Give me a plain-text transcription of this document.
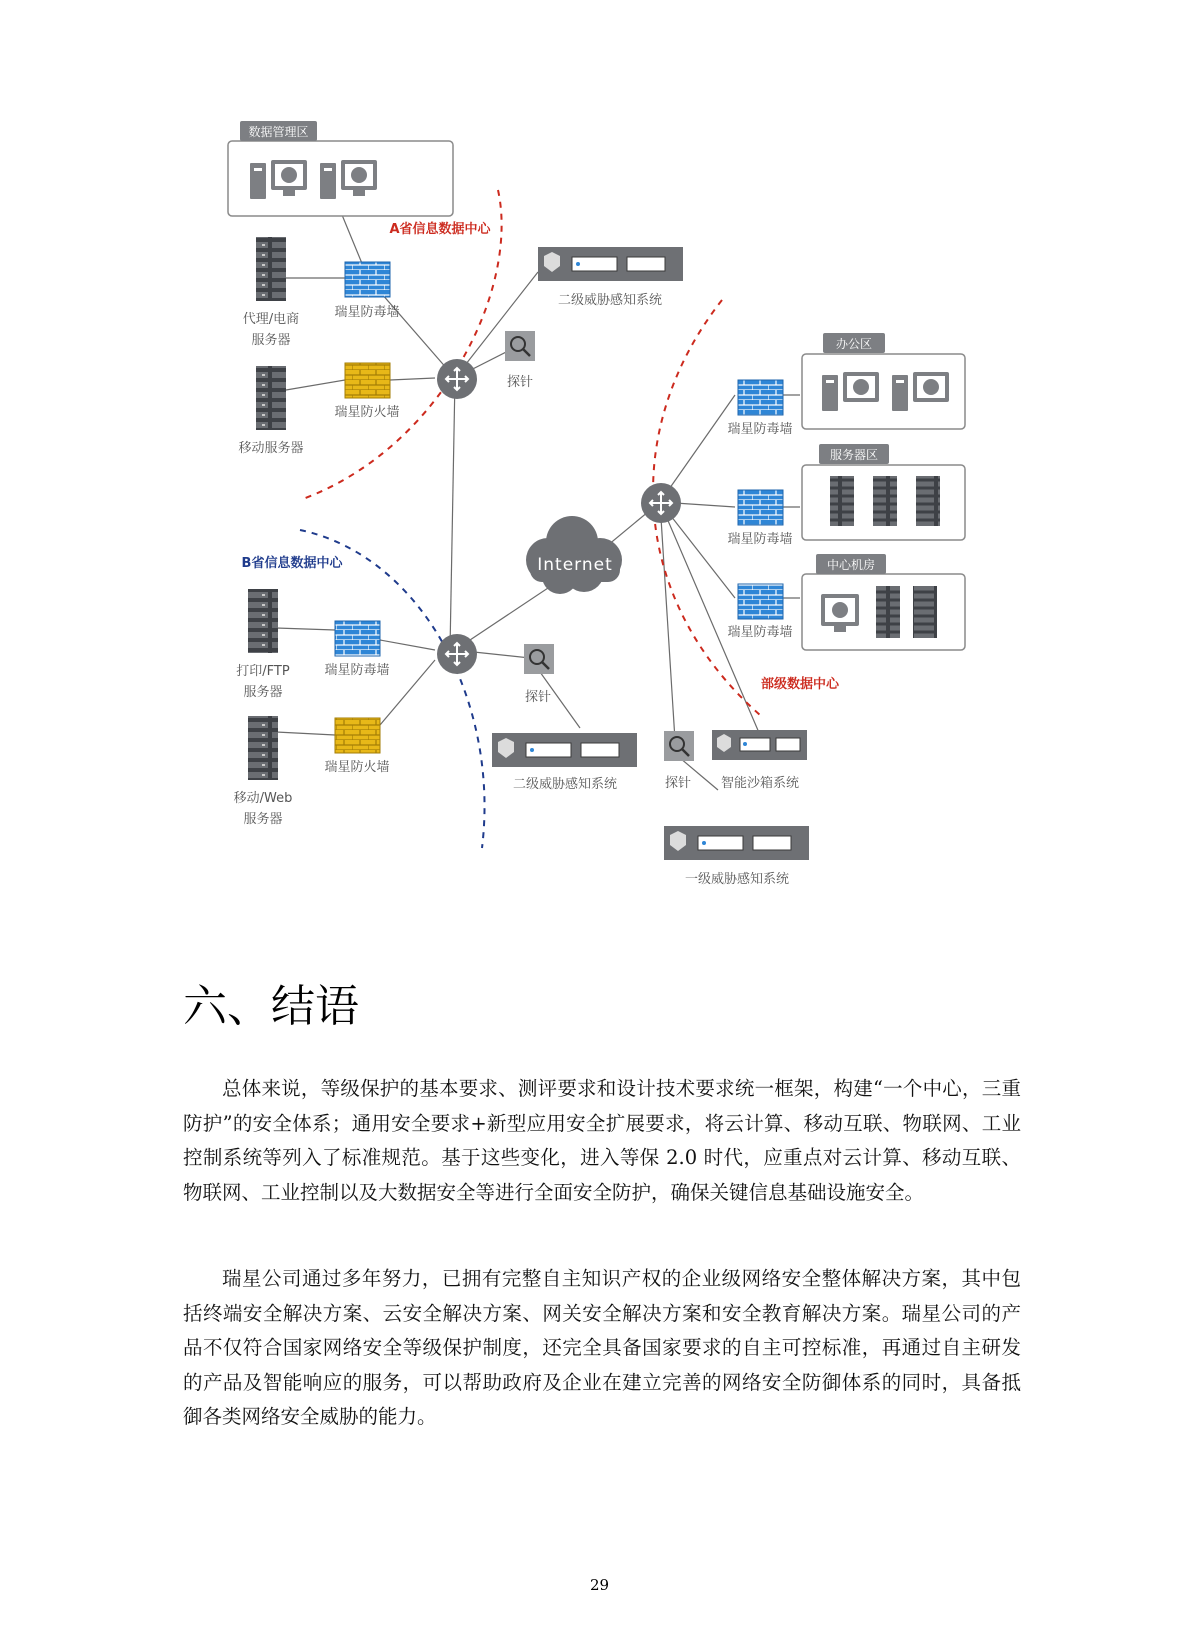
数据管理区
A省信息数据中心
代理/电商
服务器
移动服务器
瑞星防毒墙
瑞星防火墙
探针
二级威胁感知系统
Internet
瑞星防毒墙
瑞星防毒墙
瑞星防毒墙
办公区
服务器区
中心机房
部级数据中心
B省信息数据中心
打印/FTP
服务器
移动/Web
服务器
瑞星防毒墙
瑞星防火墙
探针
二级威胁感知系统	探针 智能沙箱系统
一级威胁感知系统
六、结语

总体来说，等级保护的基本要求、测评要求和设计技术要求统一框架，构建“一个中心，三重防护”的安全体系；通用安全要求+新型应用安全扩展要求，将云计算、移动互联、物联网、工业控制系统等列入了标准规范。基于这些变化，进入等保 2.0 时代，应重点对云计算、移动互联、物联网、工业控制以及大数据安全等进行全面安全防护，确保关键信息基础设施安全。

瑞星公司通过多年努力，已拥有完整自主知识产权的企业级网络安全整体解决方案，其中包括终端安全解决方案、云安全解决方案、网关安全解决方案和安全教育解决方案。瑞星公司的产品不仅符合国家网络安全等级保护制度，还完全具备国家要求的自主可控标准，再通过自主研发的产品及智能响应的服务，可以帮助政府及企业在建立完善的网络安全防御体系的同时，具备抵御各类网络安全威胁的能力。

29
